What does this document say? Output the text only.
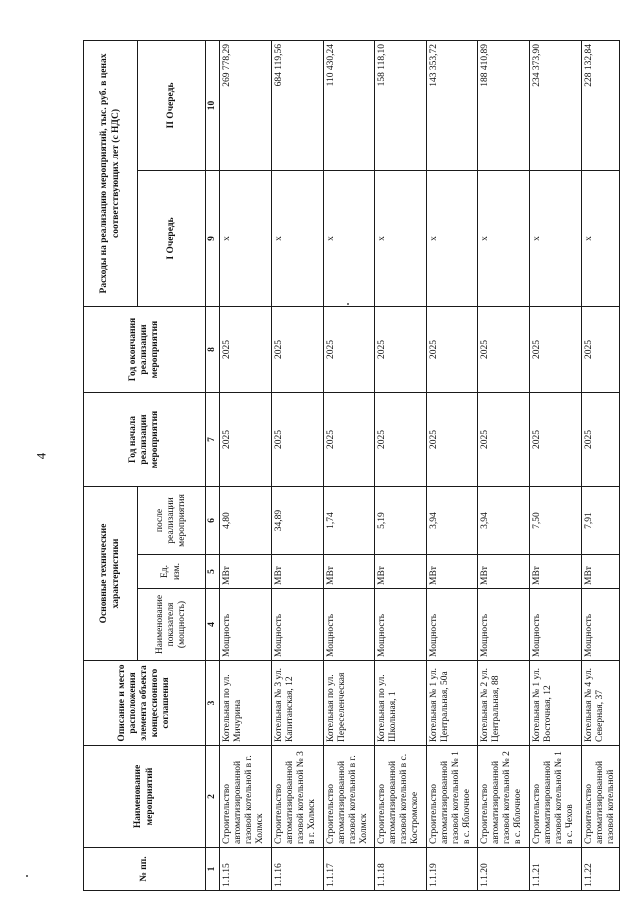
4
№ пп.	Наименование мероприятий	Описание и место расположения элемента объекта концессионного соглашения	Основные технические характеристики			Год начала реализации мероприятия	Год окончания реализации мероприятия	Расходы на реализацию мероприятий, тыс. руб. в ценах соответствующих лет (с НДС)	
			Наименование показателя (мощность)	Ед. изм.	после реализации мероприятия			I Очередь	II Очередь
1	2	3	4	5	6	7	8	9	10
1.1.15	Строительство автоматизированной газовой котельной в г. Холмск	Котельная по ул. Мичурина	Мощность	МВт	4,80	2025	2025	х	269 778,29
1.1.16	Строительство автоматизированной газовой котельной № 3 в г. Холмск	Котельная № 3 ул. Капитанская, 12	Мощность	МВт	34,89	2025	2025	х	684 119,56
1.1.17	Строительство автоматизированной газовой котельной в г. Холмск	Котельная по ул. Переселенческая	Мощность	МВт	1,74	2025	2025	х	110 430,24
1.1.18	Строительство автоматизированной газовой котельной в с. Костромское	Котельная по ул. Школьная, 1	Мощность	МВт	5,19	2025	2025	х	158 118,10
1.1.19	Строительство автоматизированной газовой котельной № 1 в с. Яблочное	Котельная № 1 ул. Центральная, 50а	Мощность	МВт	3,94	2025	2025	х	143 353,72
1.1.20	Строительство автоматизированной газовой котельной № 2 в с. Яблочное	Котельная № 2 ул. Центральная, 88	Мощность	МВт	3,94	2025	2025	х	188 410,89
1.1.21	Строительство автоматизированной газовой котельной № 1 в с. Чехов	Котельная № 1 ул. Восточная, 12	Мощность	МВт	7,50	2025	2025	х	234 373,90
1.1.22	Строительство автоматизированной газовой котельной	Котельная № 4 ул. Северная, 37	Мощность	МВт	7,91	2025	2025	х	228 132,84
